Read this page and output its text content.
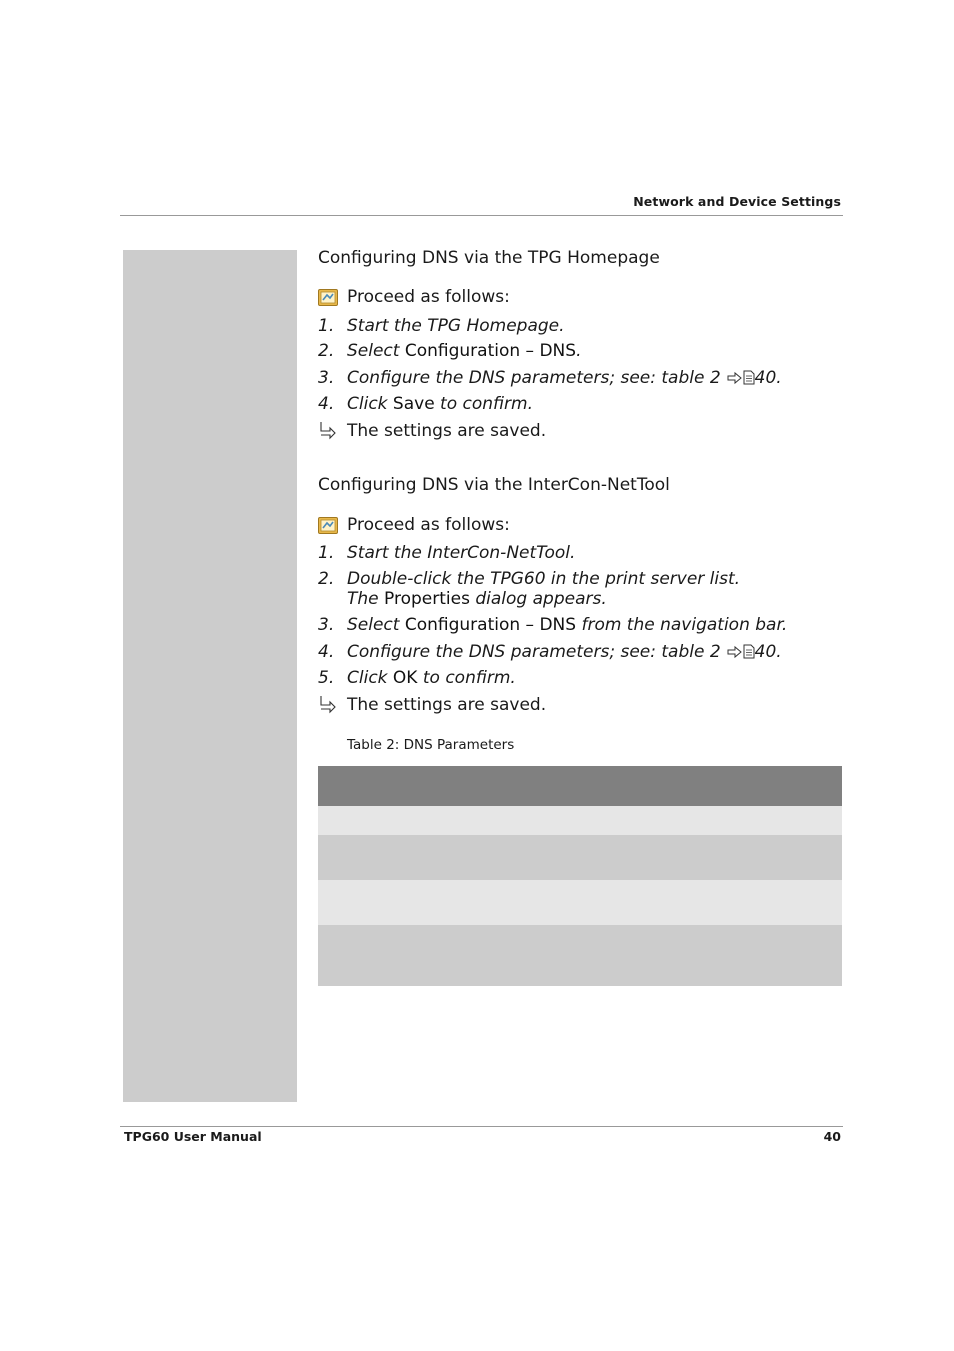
Network and Device Settings
Configuring DNS via the TPG Homepage
Proceed as follows:
1. Start the TPG Homepage.
2. Select Configuration – DNS.
3. Configure the DNS parameters; see: table 2 40.
4. Click Save to confirm.
The settings are saved.
Configuring DNS via the InterCon-NetTool
Proceed as follows:
1. Start the InterCon-NetTool.
2. Double-click the TPG60 in the print server list.
The Properties dialog appears.
3. Select Configuration – DNS from the navigation bar.
4. Configure the DNS parameters; see: table 2 40.
5. Click OK to confirm.
The settings are saved.
Table 2: DNS Parameters
TPG60 User Manual	40
